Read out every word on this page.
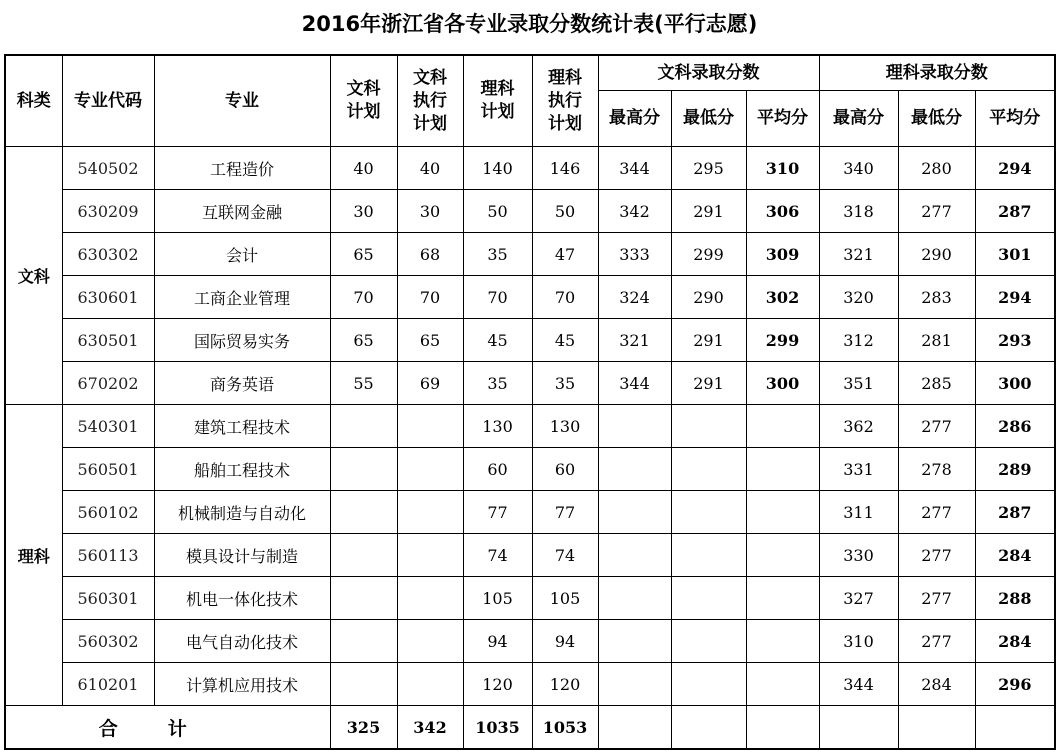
2016年浙江省各专业录取分数统计表(平行志愿)
科类	专业代码	专业	文科计划	文科执行计划	理科计划	理科执行计划	文科录取分数			理科录取分数		
							最高分	最低分	平均分	最高分	最低分	平均分
文科	540502	工程造价	40	40	140	146	344	295	310	340	280	294
	630209	互联网金融	30	30	50	50	342	291	306	318	277	287
	630302	会计	65	68	35	47	333	299	309	321	290	301
	630601	工商企业管理	70	70	70	70	324	290	302	320	283	294
	630501	国际贸易实务	65	65	45	45	321	291	299	312	281	293
	670202	商务英语	55	69	35	35	344	291	300	351	285	300
理科	540301	建筑工程技术			130	130				362	277	286
	560501	船舶工程技术			60	60				331	278	289
	560102	机械制造与自动化			77	77				311	277	287
	560113	模具设计与制造			74	74				330	277	284
	560301	机电一体化技术			105	105				327	277	288
	560302	电气自动化技术			94	94				310	277	284
	610201	计算机应用技术			120	120				344	284	296
合计			325	342	1035	1053						
